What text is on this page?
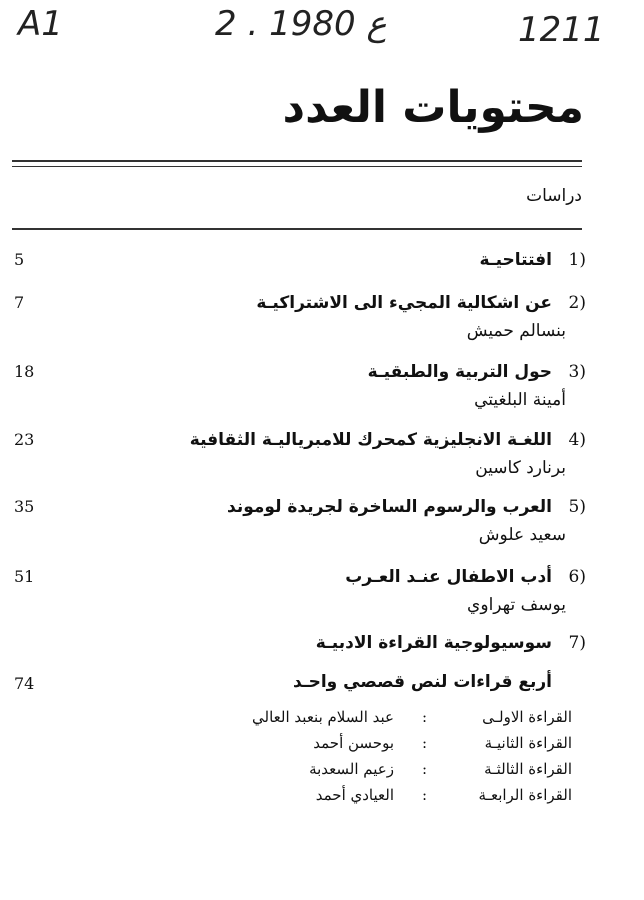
A1	2 . ع 1980	1211
محتويات العدد
دراسات
1)
افتتاحيـة
5
2)
عن اشكالية المجيء الى الاشتراكيـة
بنسالم حميش
7
3)
حول التربية والطبقيـة
أمينة البلغيتي
18
4)
اللغـة الانجليزية كمحرك للامبرياليـة الثقافية
برنارد كاسين
23
5)
العرب والرسوم الساخرة لجريدة لوموند
سعيد علوش
35
6)
أدب الاطفال عنـد العـرب
يوسف تهراوي
51
7)
سوسيولوجية القراءة الادبيـة
أربع قراءات لنص قصصي واحـد
74
القراءة الاولـى
:
عبد السلام بنعبد العالي
القراءة الثانيـة
:
بوحسن أحمد
القراءة الثالثـة
:
زعيم السعدبة
القراءة الرابعـة
:
العيادي أحمد
